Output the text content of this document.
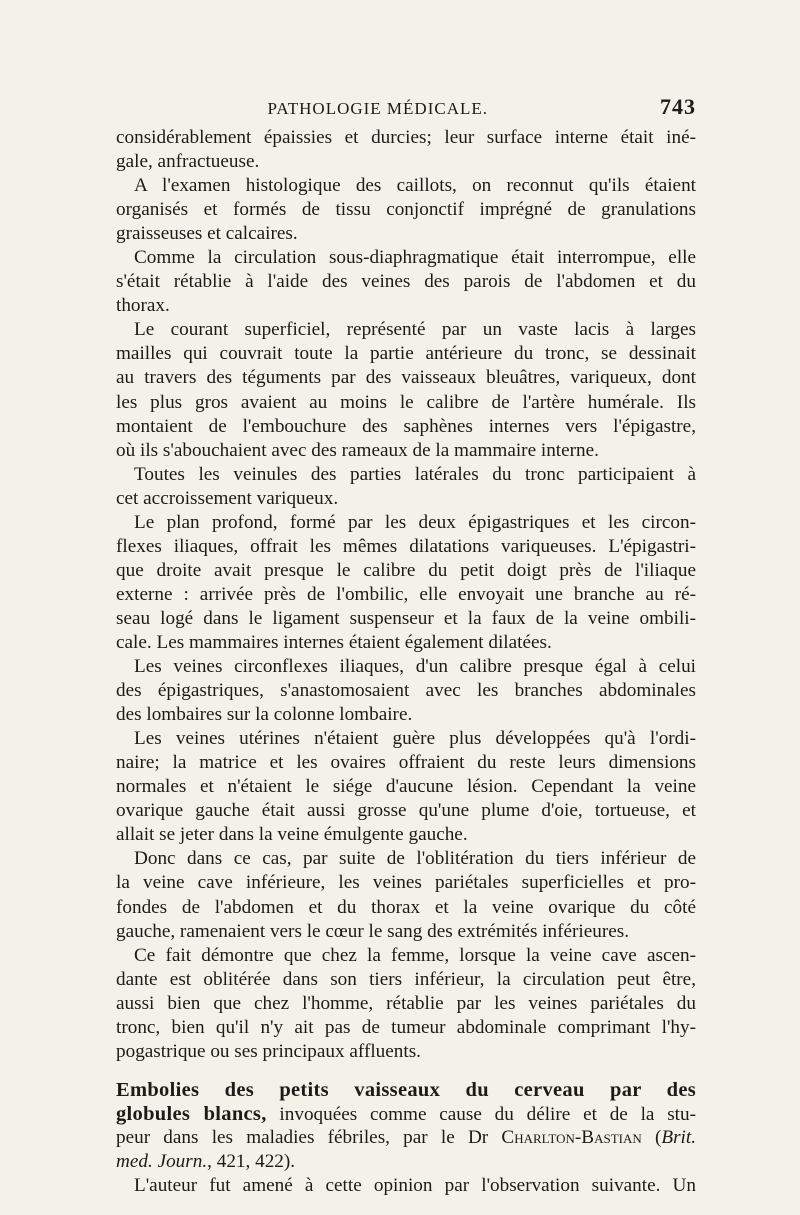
PATHOLOGIE MÉDICALE.	743
considérablement épaissies et durcies; leur surface interne était iné-
gale, anfractueuse.
A l'examen histologique des caillots, on reconnut qu'ils étaient
organisés et formés de tissu conjonctif imprégné de granulations
graisseuses et calcaires.
Comme la circulation sous-diaphragmatique était interrompue, elle
s'était rétablie à l'aide des veines des parois de l'abdomen et du
thorax.
Le courant superficiel, représenté par un vaste lacis à larges
mailles qui couvrait toute la partie antérieure du tronc, se dessinait
au travers des téguments par des vaisseaux bleuâtres, variqueux, dont
les plus gros avaient au moins le calibre de l'artère humérale. Ils
montaient de l'embouchure des saphènes internes vers l'épigastre,
où ils s'abouchaient avec des rameaux de la mammaire interne.
Toutes les veinules des parties latérales du tronc participaient à
cet accroissement variqueux.
Le plan profond, formé par les deux épigastriques et les circon-
flexes iliaques, offrait les mêmes dilatations variqueuses. L'épigastri-
que droite avait presque le calibre du petit doigt près de l'iliaque
externe : arrivée près de l'ombilic, elle envoyait une branche au ré-
seau logé dans le ligament suspenseur et la faux de la veine ombili-
cale. Les mammaires internes étaient également dilatées.
Les veines circonflexes iliaques, d'un calibre presque égal à celui
des épigastriques, s'anastomosaient avec les branches abdominales
des lombaires sur la colonne lombaire.
Les veines utérines n'étaient guère plus développées qu'à l'ordi-
naire; la matrice et les ovaires offraient du reste leurs dimensions
normales et n'étaient le siége d'aucune lésion. Cependant la veine
ovarique gauche était aussi grosse qu'une plume d'oie, tortueuse, et
allait se jeter dans la veine émulgente gauche.
Donc dans ce cas, par suite de l'oblitération du tiers inférieur de
la veine cave inférieure, les veines pariétales superficielles et pro-
fondes de l'abdomen et du thorax et la veine ovarique du côté
gauche, ramenaient vers le cœur le sang des extrémités inférieures.
Ce fait démontre que chez la femme, lorsque la veine cave ascen-
dante est oblitérée dans son tiers inférieur, la circulation peut être,
aussi bien que chez l'homme, rétablie par les veines pariétales du
tronc, bien qu'il n'y ait pas de tumeur abdominale comprimant l'hy-
pogastrique ou ses principaux affluents.
Embolies des petits vaisseaux du cerveau par des
globules blancs, invoquées comme cause du délire et de la stu-
peur dans les maladies fébriles, par le Dr Charlton-Bastian (Brit.
med. Journ., 421, 422).
L'auteur fut amené à cette opinion par l'observation suivante. Un
